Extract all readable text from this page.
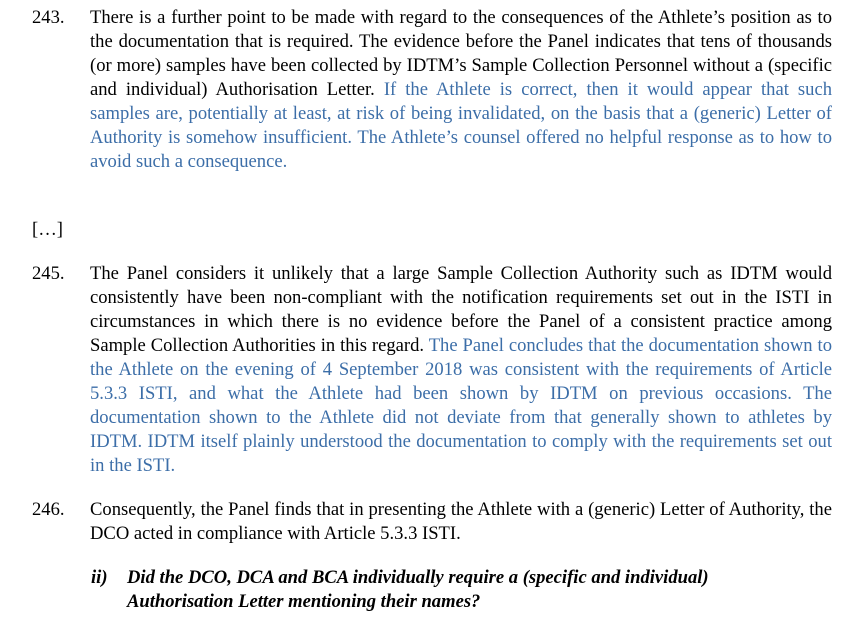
243.	There is a further point to be made with regard to the consequences of the Athlete’s position as to the documentation that is required. The evidence before the Panel indicates that tens of thousands (or more) samples have been collected by IDTM’s Sample Collection Personnel without a (specific and individual) Authorisation Letter. If the Athlete is correct, then it would appear that such samples are, potentially at least, at risk of being invalidated, on the basis that a (generic) Letter of Authority is somehow insufficient. The Athlete’s counsel offered no helpful response as to how to avoid such a consequence.
[…]
245.	The Panel considers it unlikely that a large Sample Collection Authority such as IDTM would consistently have been non-compliant with the notification requirements set out in the ISTI in circumstances in which there is no evidence before the Panel of a consistent practice among Sample Collection Authorities in this regard. The Panel concludes that the documentation shown to the Athlete on the evening of 4 September 2018 was consistent with the requirements of Article 5.3.3 ISTI, and what the Athlete had been shown by IDTM on previous occasions. The documentation shown to the Athlete did not deviate from that generally shown to athletes by IDTM. IDTM itself plainly understood the documentation to comply with the requirements set out in the ISTI.
246.	Consequently, the Panel finds that in presenting the Athlete with a (generic) Letter of Authority, the DCO acted in compliance with Article 5.3.3 ISTI.
ii) Did the DCO, DCA and BCA individually require a (specific and individual)
Authorisation Letter mentioning their names?
